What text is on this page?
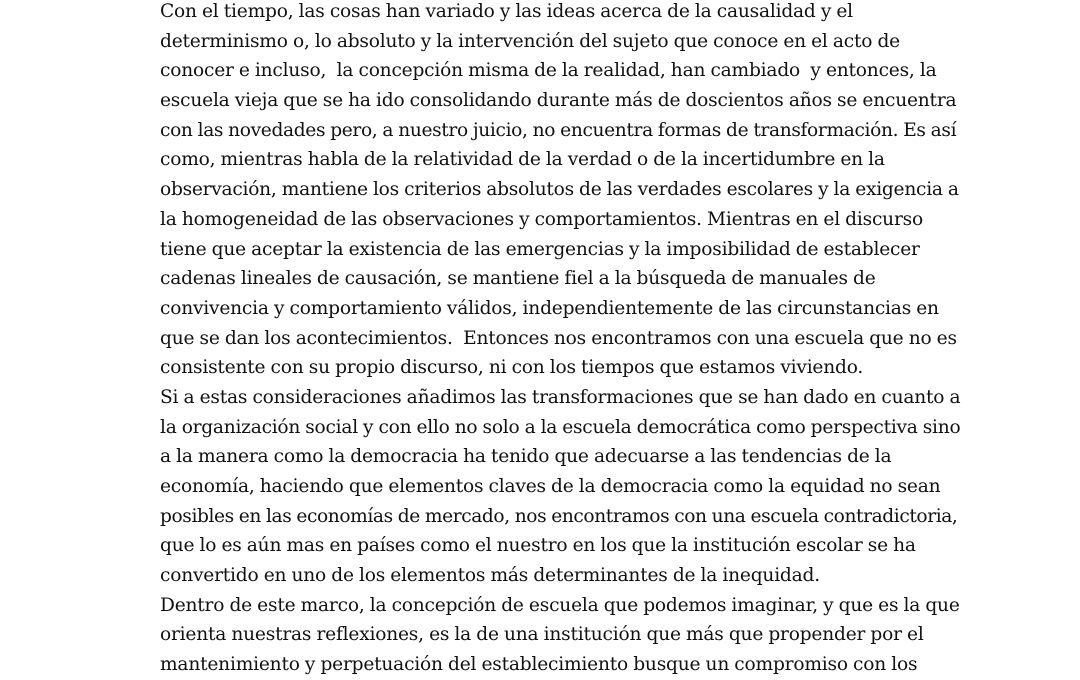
Con el tiempo, las cosas han variado y las ideas acerca de la causalidad y el
determinismo o, lo absoluto y la intervención del sujeto que conoce en el acto de
conocer e incluso,  la concepción misma de la realidad, han cambiado  y entonces, la
escuela vieja que se ha ido consolidando durante más de doscientos años se encuentra
con las novedades pero, a nuestro juicio, no encuentra formas de transformación. Es así
como, mientras habla de la relatividad de la verdad o de la incertidumbre en la
observación, mantiene los criterios absolutos de las verdades escolares y la exigencia a
la homogeneidad de las observaciones y comportamientos. Mientras en el discurso
tiene que aceptar la existencia de las emergencias y la imposibilidad de establecer
cadenas lineales de causación, se mantiene fiel a la búsqueda de manuales de
convivencia y comportamiento válidos, independientemente de las circunstancias en
que se dan los acontecimientos.  Entonces nos encontramos con una escuela que no es
consistente con su propio discurso, ni con los tiempos que estamos viviendo.
Si a estas consideraciones añadimos las transformaciones que se han dado en cuanto a
la organización social y con ello no solo a la escuela democrática como perspectiva sino
a la manera como la democracia ha tenido que adecuarse a las tendencias de la
economía, haciendo que elementos claves de la democracia como la equidad no sean
posibles en las economías de mercado, nos encontramos con una escuela contradictoria,
que lo es aún mas en países como el nuestro en los que la institución escolar se ha
convertido en uno de los elementos más determinantes de la inequidad.
Dentro de este marco, la concepción de escuela que podemos imaginar, y que es la que
orienta nuestras reflexiones, es la de una institución que más que propender por el
mantenimiento y perpetuación del establecimiento busque un compromiso con los
